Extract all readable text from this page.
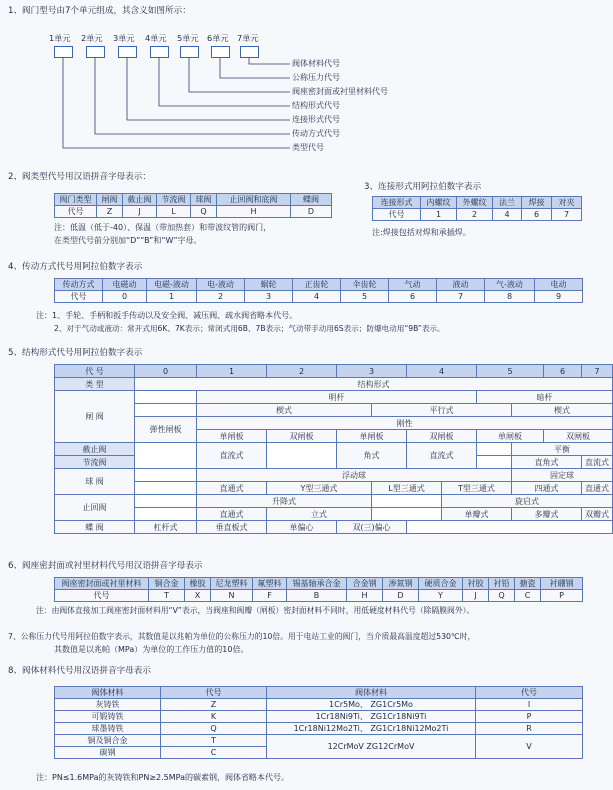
1、阀门型号由7个单元组成，其含义如图所示：
1单元 2单元 3单元 4单元 5单元 6单元 7单元
阀体材料代号
公称压力代号
阀座密封面或衬里材料代号
结构形式代号
连接形式代号
传动方式代号
类型代号
2、阀类型代号用汉语拼音字母表示：
阀门类型	闸阀	截止阀	节流阀	球阀	止回阀和底阀	蝶阀
代号	Z	J	L	Q	H	D
注：低温（低于-40）、保温（带加热套）和带波纹管的阀门，
在类型代号前分别加“D”“B”和“W”字母。
3、连接形式用阿拉伯数字表示
连接形式	内螺纹	外螺纹	法兰	焊接	对夹
代号	1	2	4	6	7
注:焊接包括对焊和承插焊。
4、传动方式代号用阿拉伯数字表示
传动方式	电磁动	电磁-液动	电-液动	蜗轮	正齿轮	伞齿轮	气动	液动	气-液动	电动
代号	0	1	2	3	4	5	6	7	8	9
注：1、手轮、手柄和扳手传动以及安全阀、减压阀、疏水阀省略本代号。
2、对于气动或液动：常开式用6K、7K表示；常闭式用6B、7B表示；气动带手动用6S表示；防爆电动用“9B”表示。
5、结构形式代号用阿拉伯数字表示
代 号	0	1	2	3		4		5		6	7
类 型	结构形式										
闸 阀		明杆						暗杆			
		楔式			平行式				楔式		
	弹性闸板	刚性									
		单闸板	双闸板	单闸板		双闸板		单闸板		双闸板	
截止阀		直流式		角式		直流式			平衡		
节流阀									直角式		直流式
球 阀		浮动球							固定球		
		直通式	Y型三通式		L型三通式		T型三通式		四通式		直通式
止回阀		升降式					旋启式				
		直通式	立式				单瓣式		多瓣式		双瓣式
蝶 阀	杠杆式	垂直板式	单偏心	双(三)偏心							
6、阀座密封面或衬里材料代号用汉语拼音字母表示
阀座密封面或衬里材料	铜合金	橡胶	尼龙塑料	氟塑料	锡基轴承合金	合金钢	渗氮钢	硬质合金	衬胶	衬铅	搪瓷	衬硼钢
代号	T	X	N	F	B	H	D	Y	J	Q	C	P
注：由阀体直接加工阀座密封面材料用“V”表示，当阀座和阀瓣（闸板）密封面材料不同时，用低硬度材料代号（除隔膜阀外）。
7、公称压力代号用阿拉伯数字表示，其数值是以兆帕为单位的公称压力的10倍。用于电站工业的阀门，当介质最高温度超过530℃时，
其数值是以兆帕（MPa）为单位的工作压力值的10倍。
8、阀体材料代号用汉语拼音字母表示
阀体材料	代号	阀体材料	代号
灰铸铁	Z	1Cr5Mo、 ZG1Cr5Mo	I
可锻铸铁	K	1Cr18Ni9Ti、 ZG1Cr18Ni9Ti	P
球墨铸铁	Q	1Cr18Ni12Mo2Ti、 ZG1Cr18Ni12Mo2Ti	R
铜及铜合金	T	12CrMoV ZG12CrMoV	V
碳钢	C		
注：PN≤1.6MPa的灰铸铁和PN≥2.5MPa的碳素钢，阀体省略本代号。
